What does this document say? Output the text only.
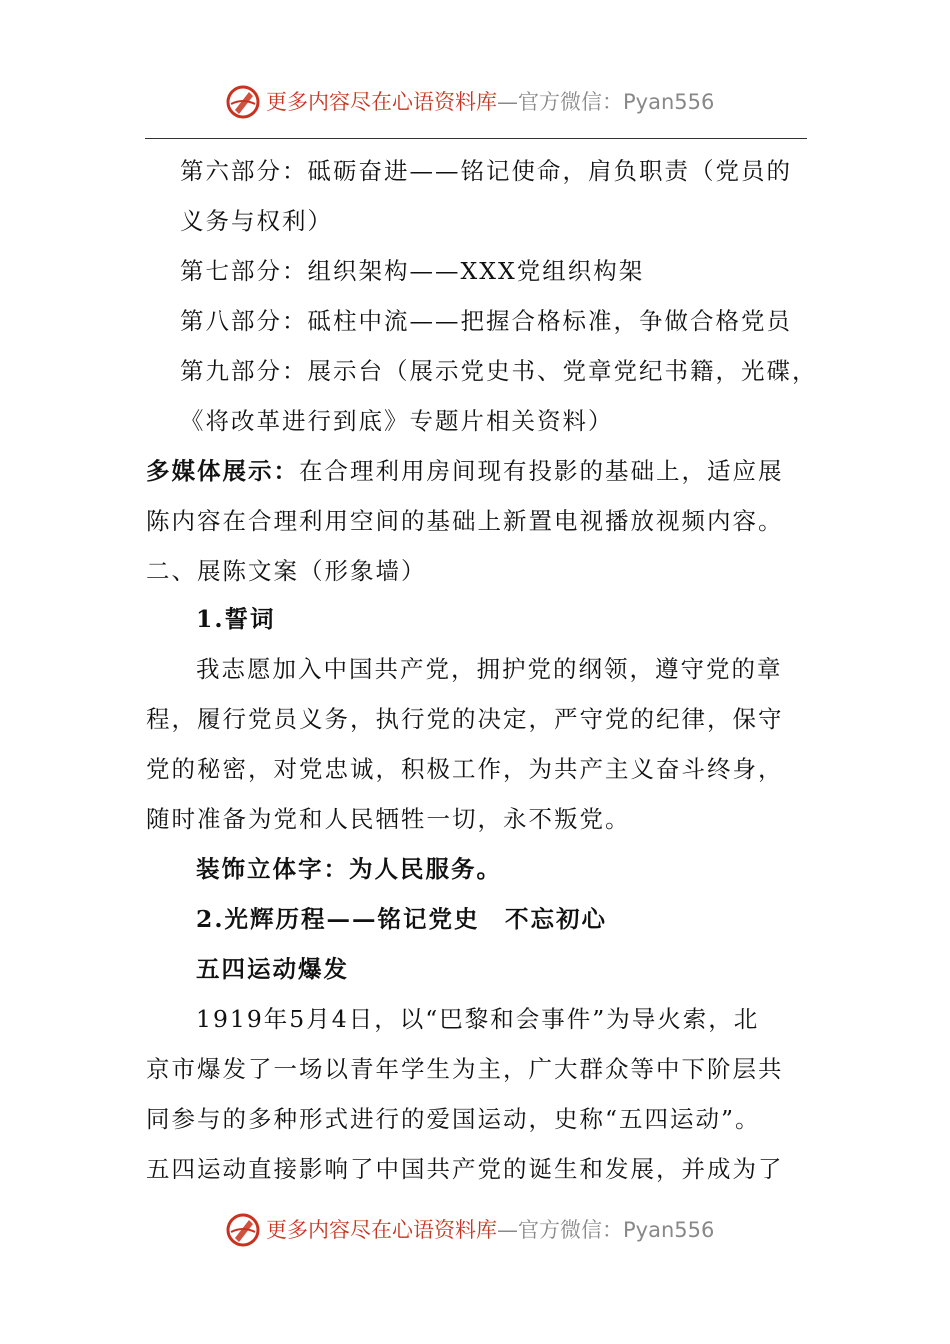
更多内容尽在心语资料库—官方微信：Pyan556
第六部分：砥砺奋进——铭记使命，肩负职责（党员的
义务与权利）
第七部分：组织架构——XXX党组织构架
第八部分：砥柱中流——把握合格标准，争做合格党员
第九部分：展示台（展示党史书、党章党纪书籍，光碟，
《将改革进行到底》专题片相关资料）
多媒体展示：在合理利用房间现有投影的基础上，适应展
陈内容在合理利用空间的基础上新置电视播放视频内容。
二、展陈文案（形象墙）
1.誓词
我志愿加入中国共产党，拥护党的纲领，遵守党的章
程，履行党员义务，执行党的决定，严守党的纪律，保守
党的秘密，对党忠诚，积极工作，为共产主义奋斗终身，
随时准备为党和人民牺牲一切，永不叛党。
装饰立体字：为人民服务。
2.光辉历程——铭记党史　不忘初心
五四运动爆发
1919年5月4日，以“巴黎和会事件”为导火索，北
京市爆发了一场以青年学生为主，广大群众等中下阶层共
同参与的多种形式进行的爱国运动，史称“五四运动”。
五四运动直接影响了中国共产党的诞生和发展，并成为了
更多内容尽在心语资料库—官方微信：Pyan556
